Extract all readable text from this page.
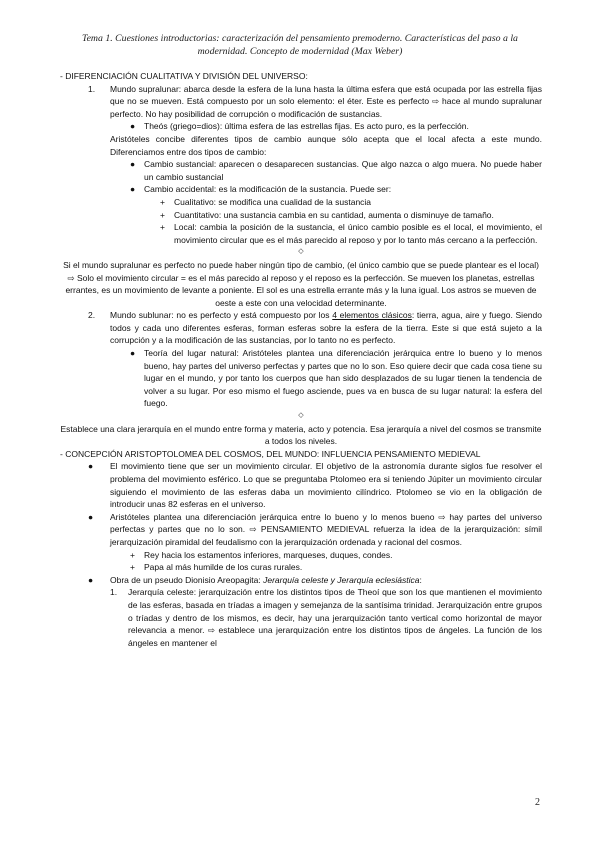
Tema 1. Cuestiones introductorias: caracterización del pensamiento premoderno. Características del paso a la
modernidad. Concepto de modernidad (Max Weber)

- DIFERENCIACIÓN CUALITATIVA Y DIVISIÓN DEL UNIVERSO:

1.	Mundo supralunar: abarca desde la esfera de la luna hasta la última esfera que está ocupada por las estrella fijas que no se mueven. Está compuesto por un solo elemento: el éter. Este es perfecto ⇨ hace al mundo supralunar perfecto. No hay posibilidad de corrupción o modificación de sustancias.
●	Theós (griego=dios): última esfera de las estrellas fijas. Es acto puro, es la perfección.

Aristóteles concibe diferentes tipos de cambio aunque sólo acepta que el local afecta a este mundo. Diferenciamos entre dos tipos de cambio:

●	Cambio sustancial: aparecen o desaparecen sustancias. Que algo nazca o algo muera. No puede haber un cambio sustancial
●	Cambio accidental: es la modificación de la sustancia. Puede ser:
+	Cualitativo: se modifica una cualidad de la sustancia
+	Cuantitativo: una sustancia cambia en su cantidad, aumenta o disminuye de tamaño.
+	Local: cambia la posición de la sustancia, el único cambio posible es el local, el movimiento, el movimiento circular que es el más parecido al reposo y por lo tanto más cercano a la perfección.

◇

Si el mundo supralunar es perfecto no puede haber ningún tipo de cambio, (el único cambio que se puede plantear es el local) ⇨ Solo el movimiento circular = es el más parecido al reposo y el reposo es la perfección. Se mueven los planetas, estrellas errantes, es un movimiento de levante a poniente. El sol es una estrella errante más y la luna igual. Los astros se mueven de oeste a este con una velocidad determinante.

2.	Mundo sublunar: no es perfecto y está compuesto por los 4 elementos clásicos: tierra, agua, aire y fuego. Siendo todos y cada uno diferentes esferas, forman esferas sobre la esfera de la tierra. Este si que está sujeto a la corrupción y a la modificación de las sustancias, por lo tanto no es perfecto.
●	Teoría del lugar natural: Aristóteles plantea una diferenciación jerárquica entre lo bueno y lo menos bueno, hay partes del universo perfectas y partes que no lo son. Eso quiere decir que cada cosa tiene su lugar en el mundo, y por tanto los cuerpos que han sido desplazados de su lugar tienen la tendencia de volver a su lugar. Por eso mismo el fuego asciende, pues va en busca de su lugar natural: la esfera del fuego.

◇

Establece una clara jerarquía en el mundo entre forma y materia, acto y potencia. Esa jerarquía a nivel del cosmos se transmite a todos los niveles.

- CONCEPCIÓN ARISTOPTOLOMEA DEL COSMOS, DEL MUNDO: INFLUENCIA PENSAMIENTO MEDIEVAL

●	El movimiento tiene que ser un movimiento circular. El objetivo de la astronomía durante siglos fue resolver el problema del movimiento esférico. Lo que se preguntaba Ptolomeo era si teniendo Júpiter un movimiento circular siguiendo el movimiento de las esferas daba un movimiento cilíndrico. Ptolomeo se vio en la obligación de introducir unas 82 esferas en el universo.
●	Aristóteles plantea una diferenciación jerárquica entre lo bueno y lo menos bueno ⇨ hay partes del universo perfectas y partes que no lo son. ⇨ PENSAMIENTO MEDIEVAL refuerza la idea de la jerarquización: símil jerarquización piramidal del feudalismo con la jerarquización ordenada y racional del cosmos.
+	Rey hacia los estamentos inferiores, marqueses, duques, condes.
+	Papa al más humilde de los curas rurales.
●	Obra de un pseudo Dionisio Areopagita: Jerarquía celeste y Jerarquía eclesiástica:
1.	Jerarquía celeste: jerarquización entre los distintos tipos de Theoí que son los que mantienen el movimiento de las esferas, basada en tríadas a imagen y semejanza de la santísima trinidad. Jerarquización entre grupos o tríadas y dentro de los mismos, es decir, hay una jerarquización tanto vertical como horizontal de mayor relevancia a menor. ⇨ establece una jerarquización entre los distintos tipos de ángeles. La función de los ángeles en mantener el
2
